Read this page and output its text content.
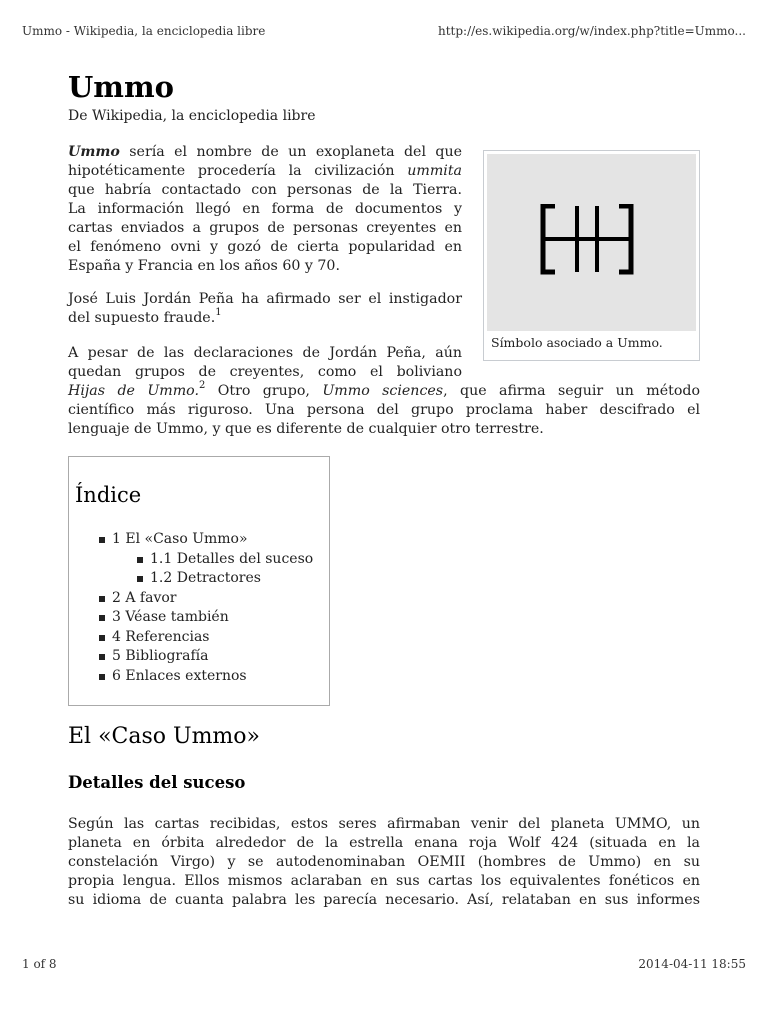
Ummo - Wikipedia, la enciclopedia libre	http://es.wikipedia.org/w/index.php?title=Ummo...
Ummo
De Wikipedia, la enciclopedia libre
Ummo sería el nombre de un exoplaneta del que
hipotéticamente procedería la civilización ummita
que habría contactado con personas de la Tierra.
La información llegó en forma de documentos y
cartas enviados a grupos de personas creyentes en
el fenómeno ovni y gozó de cierta popularidad en
España y Francia en los años 60 y 70.
José Luis Jordán Peña ha afirmado ser el instigador
del supuesto fraude.$^1$
A pesar de las declaraciones de Jordán Peña, aún
quedan grupos de creyentes, como el boliviano
Hijas de Ummo.$^2$ Otro grupo, Ummo sciences, que afirma seguir un método
científico más riguroso. Una persona del grupo proclama haber descifrado el
lenguaje de Ummo, y que es diferente de cualquier otro terrestre.
Símbolo asociado a Ummo.
Índice
1 El «Caso Ummo»
1.1 Detalles del suceso
1.2 Detractores
2 A favor
3 Véase también
4 Referencias
5 Bibliografía
6 Enlaces externos
El «Caso Ummo»
Detalles del suceso
Según las cartas recibidas, estos seres afirmaban venir del planeta UMMO, un
planeta en órbita alrededor de la estrella enana roja Wolf 424 (situada en la
constelación Virgo) y se autodenominaban OEMII (hombres de Ummo) en su
propia lengua. Ellos mismos aclaraban en sus cartas los equivalentes fonéticos en
su idioma de cuanta palabra les parecía necesario. Así, relataban en sus informes
1 of 8	2014-04-11 18:55
